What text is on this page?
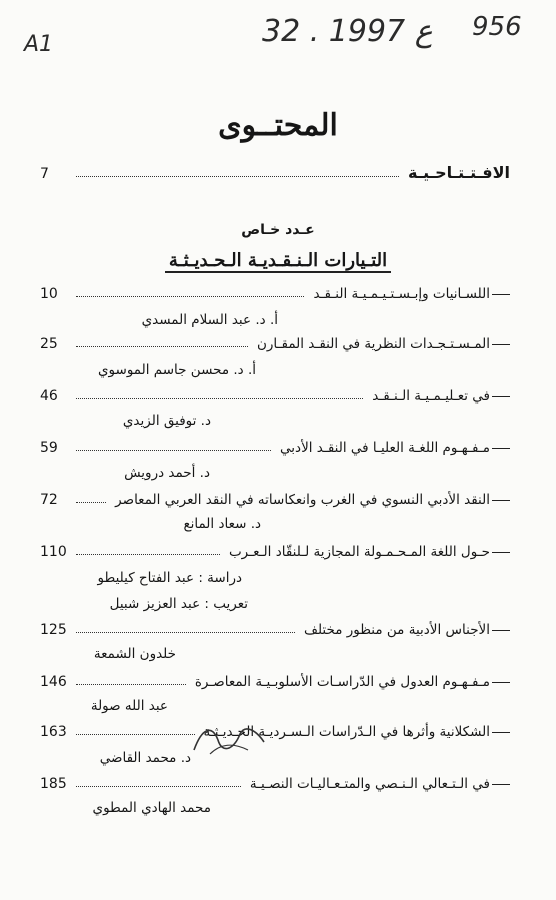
A1	32 . ع 1997 956
المحتــوى
الافـتـتـاحـيـة
7
عـدد خـاص
التـيارات الـنـقـديـة الـحـديـثـة
اللسـانيات وإبـسـتـيـمـيـة النـقـد
10
أ. د. عبد السلام المسدي
المـسـتـجـدات النظرية في النقـد المقـارن
25
أ. د. محسن جاسم الموسوي
في تعـليـمـيـة الـنـقـد
46
د. توفيق الزيدي
مـفـهـوم اللغـة العليـا في النقـد الأدبي
59
د. أحمد درويش
النقد الأدبي النسوي في الغرب وانعكاساته في النقد العربي المعاصر
72
د. سعاد المانع
حـول اللغة المـحـمـولة المجازية لـلنقّاد الـعـرب
110
دراسة : عبد الفتاح كيليطو
تعريب : عبد العزيز شبيل
الأجناس الأدبية من منظور مختلف
125
خلدون الشمعة
مـفـهـوم العدول في الدّراسـات الأسلوبـيـة المعاصـرة
146
عبد الله صولة
الشكلانية وأثرها في الـدّراسات الـسـرديـة الحـديـثـة
163
د. محمد القاضي
في الـتـعالي الـنـصي والمتـعـاليـات النصـيـة
185
محمد الهادي المطوي
